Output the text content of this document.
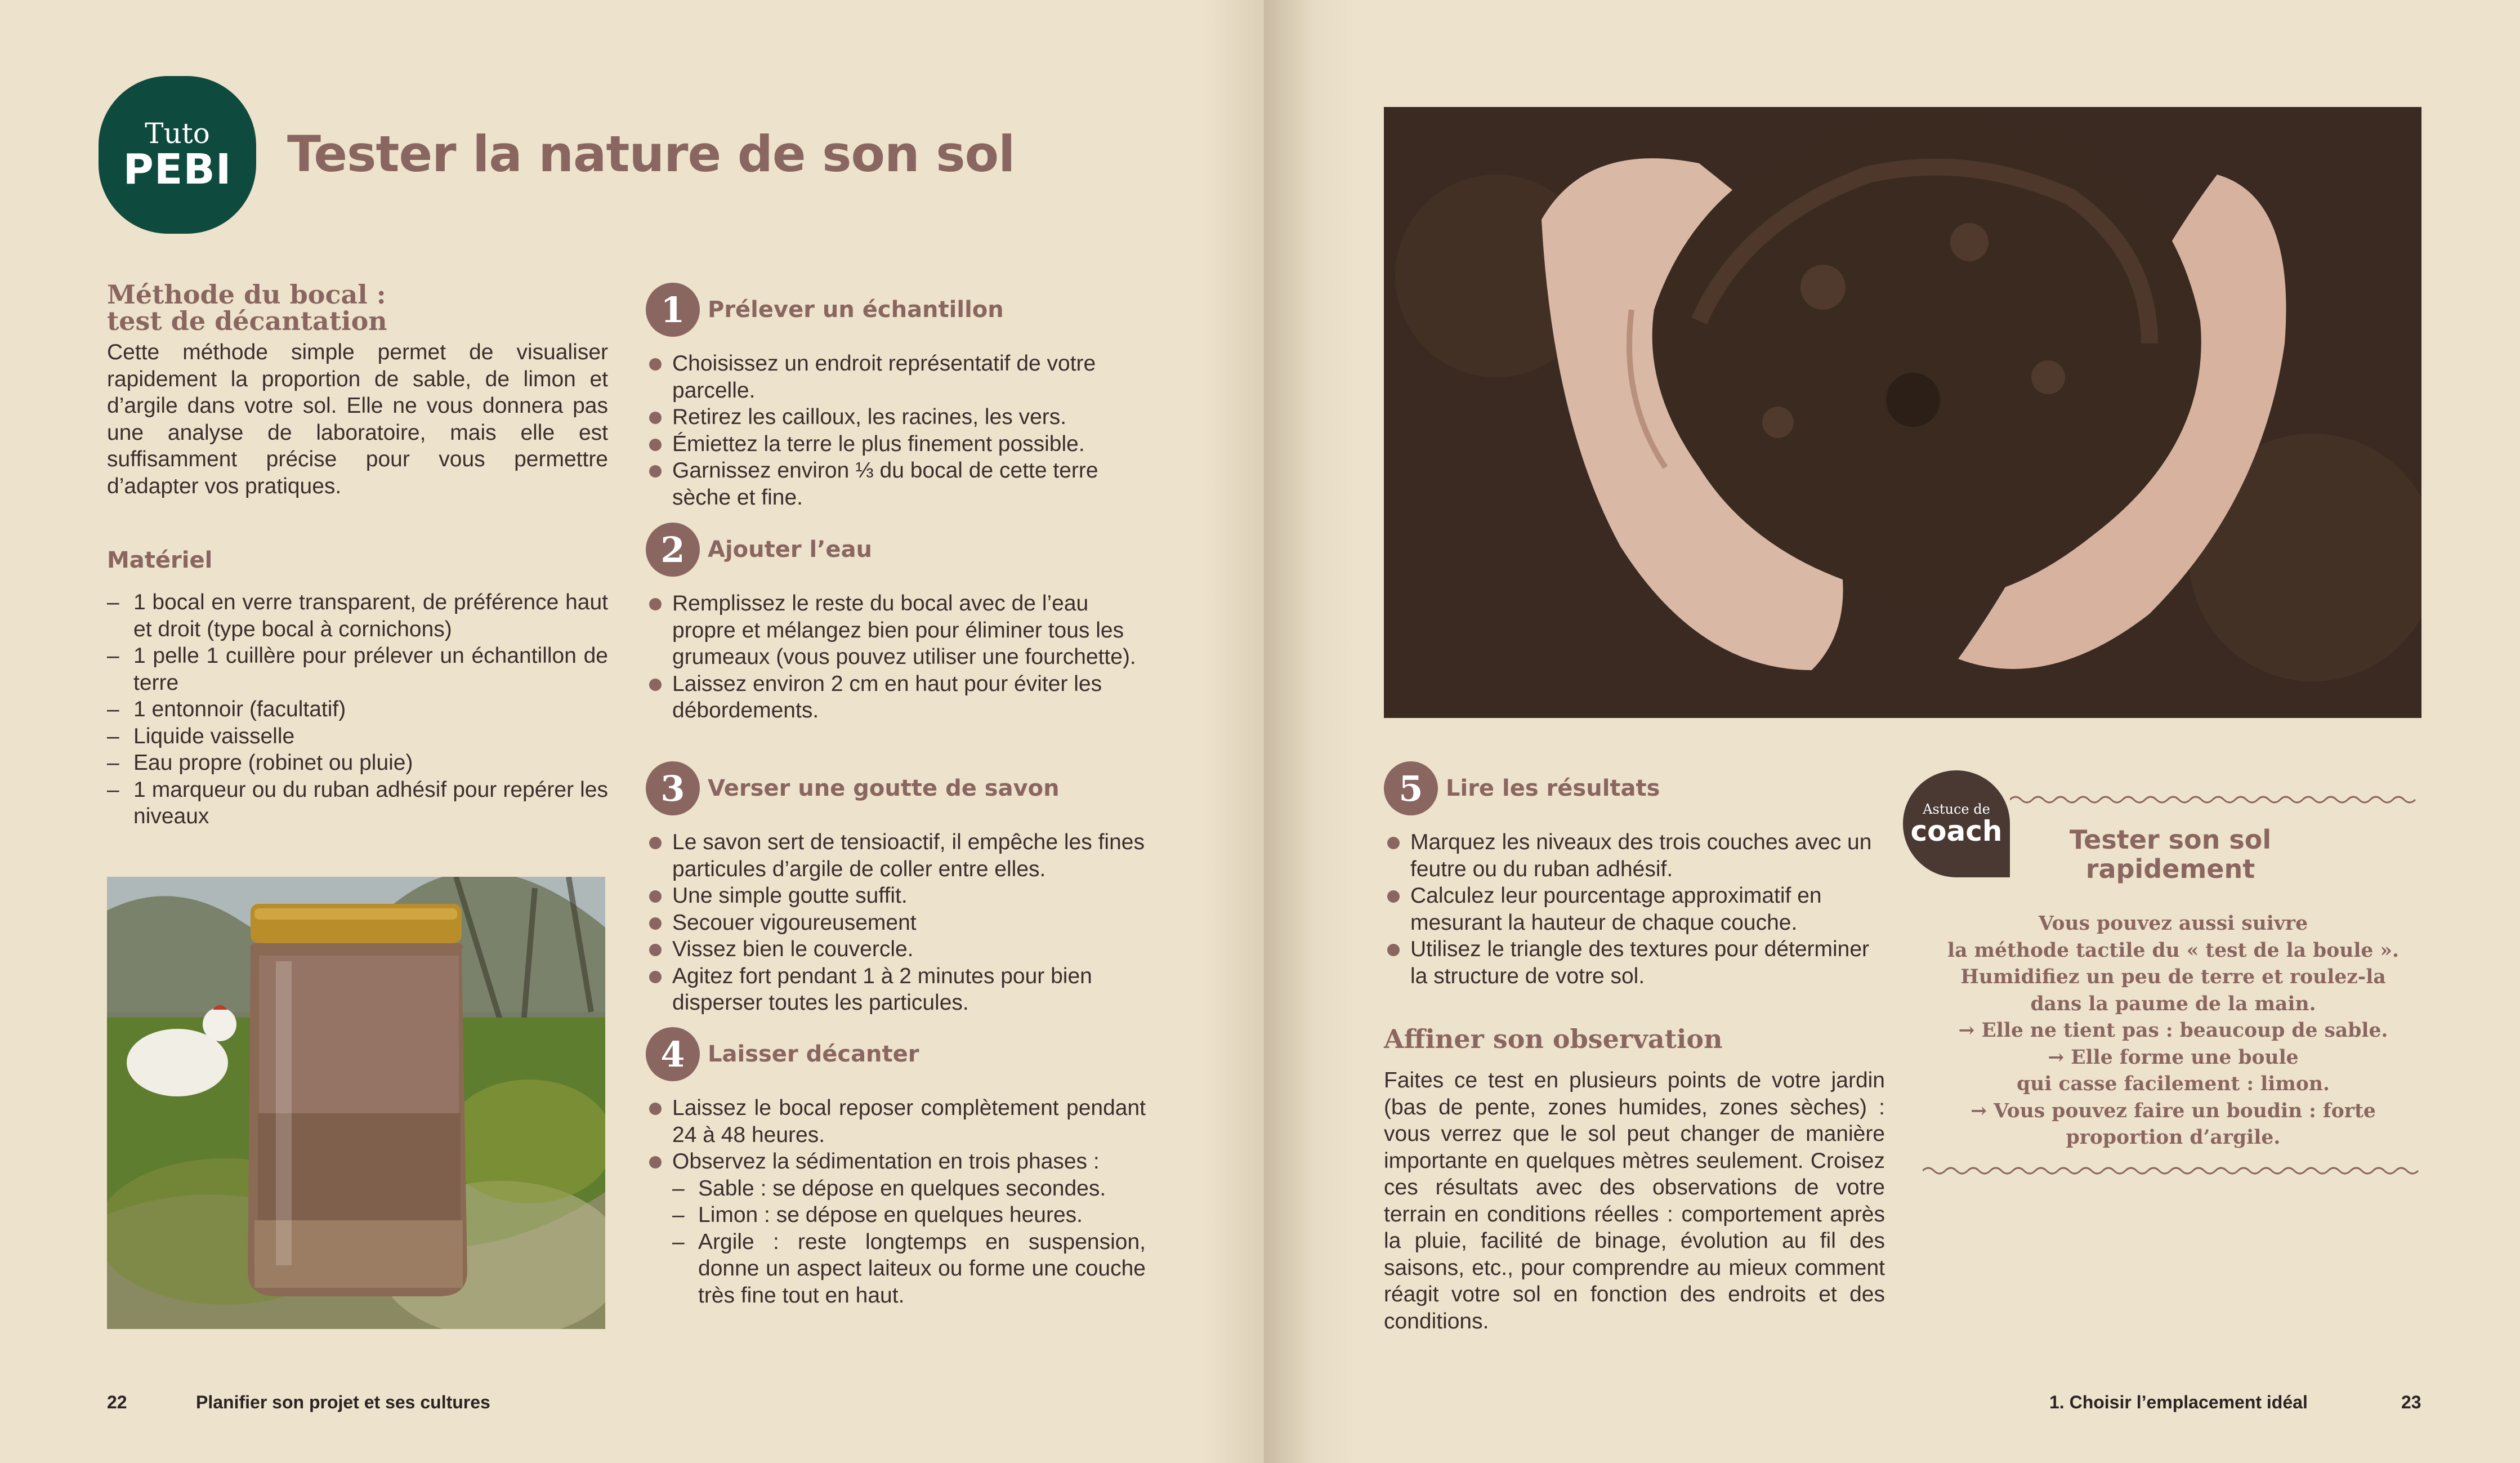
Tuto
PEBI Tester la nature de son sol
Méthode du bocal :
test de décantation

Cette méthode simple permet de visualiser rapidement la proportion de sable, de limon et d’argile dans votre sol. Elle ne vous donnera pas une analyse de laboratoire, mais elle est suffisamment précise pour vous permettre d’adapter vos pratiques.

Matériel
– 1 bocal en verre transparent, de préférence haut et droit (type bocal à cornichons)
– 1 pelle 1 cuillère pour prélever un échantillon de terre
– 1 entonnoir (facultatif)
– Liquide vaisselle
– Eau propre (robinet ou pluie)
– 1 marqueur ou du ruban adhésif pour repérer les niveaux
1	Prélever un échantillon
Choisissez un endroit représentatif de votre parcelle.
Retirez les cailloux, les racines, les vers.
Émiettez la terre le plus finement possible.
Garnissez environ ⅓ du bocal de cette terre sèche et fine.
2	Ajouter l’eau
Remplissez le reste du bocal avec de l’eau propre et mélangez bien pour éliminer tous les grumeaux (vous pouvez utiliser une fourchette).
Laissez environ 2 cm en haut pour éviter les débordements.
3	Verser une goutte de savon
Le savon sert de tensioactif, il empêche les fines particules d’argile de coller entre elles.
Une simple goutte suffit.
Secouer vigoureusement
Vissez bien le couvercle.
Agitez fort pendant 1 à 2 minutes pour bien disperser toutes les particules.
4	Laisser décanter
Laissez le bocal reposer complètement pendant 24 à 48 heures.
Observez la sédimentation en trois phases :
– Sable : se dépose en quelques secondes.
– Limon : se dépose en quelques heures.
– Argile : reste longtemps en suspension, donne un aspect laiteux ou forme une couche très fine tout en haut.
22	Planifier son projet et ses cultures
5	Lire les résultats
Marquez les niveaux des trois couches avec un feutre ou du ruban adhésif.
Calculez leur pourcentage approximatif en mesurant la hauteur de chaque couche.
Utilisez le triangle des textures pour déterminer la structure de votre sol.
Affiner son observation

Faites ce test en plusieurs points de votre jardin (bas de pente, zones humides, zones sèches) : vous verrez que le sol peut changer de manière importante en quelques mètres seulement. Croisez ces résultats avec des observations de votre terrain en conditions réelles : comportement après la pluie, facilité de binage, évolution au fil des saisons, etc., pour comprendre au mieux comment réagit votre sol en fonction des endroits et des conditions.

1. Choisir l’emplacement idéal	23
Astuce de
coach	Tester son sol
rapidement
Vous pouvez aussi suivre
la méthode tactile du « test de la boule ».
Humidifiez un peu de terre et roulez-la
dans la paume de la main.
→ Elle ne tient pas : beaucoup de sable.
→ Elle forme une boule
qui casse facilement : limon.
→ Vous pouvez faire un boudin : forte
proportion d’argile.
